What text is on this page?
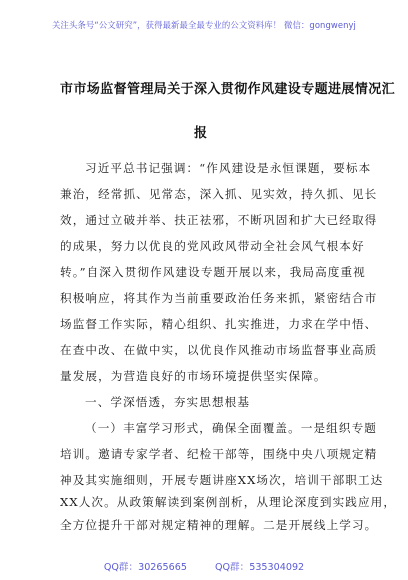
关注头条号“公文研究”，获得最新最全最专业的公文资料库！ 微信：gongwenyj
市市场监督管理局关于深入贯彻作风建设专题进展情况汇
报
习近平总书记强调：“作风建设是永恒课题，要标本
兼治，经常抓、见常态，深入抓、见实效，持久抓、见长
效，通过立破并举、扶正祛邪，不断巩固和扩大已经取得
的成果，努力以优良的党风政风带动全社会风气根本好
转。”自深入贯彻作风建设专题开展以来，我局高度重视
积极响应，将其作为当前重要政治任务来抓，紧密结合市
场监督工作实际，精心组织、扎实推进，力求在学中悟、
在查中改、在做中实，以优良作风推动市场监督事业高质
量发展，为营造良好的市场环境提供坚实保障。
一、学深悟透，夯实思想根基
（一）丰富学习形式，确保全面覆盖。一是组织专题
培训。邀请专家学者、纪检干部等，围绕中央八项规定精
神及其实施细则，开展专题讲座XX场次，培训干部职工达
XX人次。从政策解读到案例剖析，从理论深度到实践应用，
全方位提升干部对规定精神的理解。二是开展线上学习。
QQ群：30265665	QQ群：535304092
